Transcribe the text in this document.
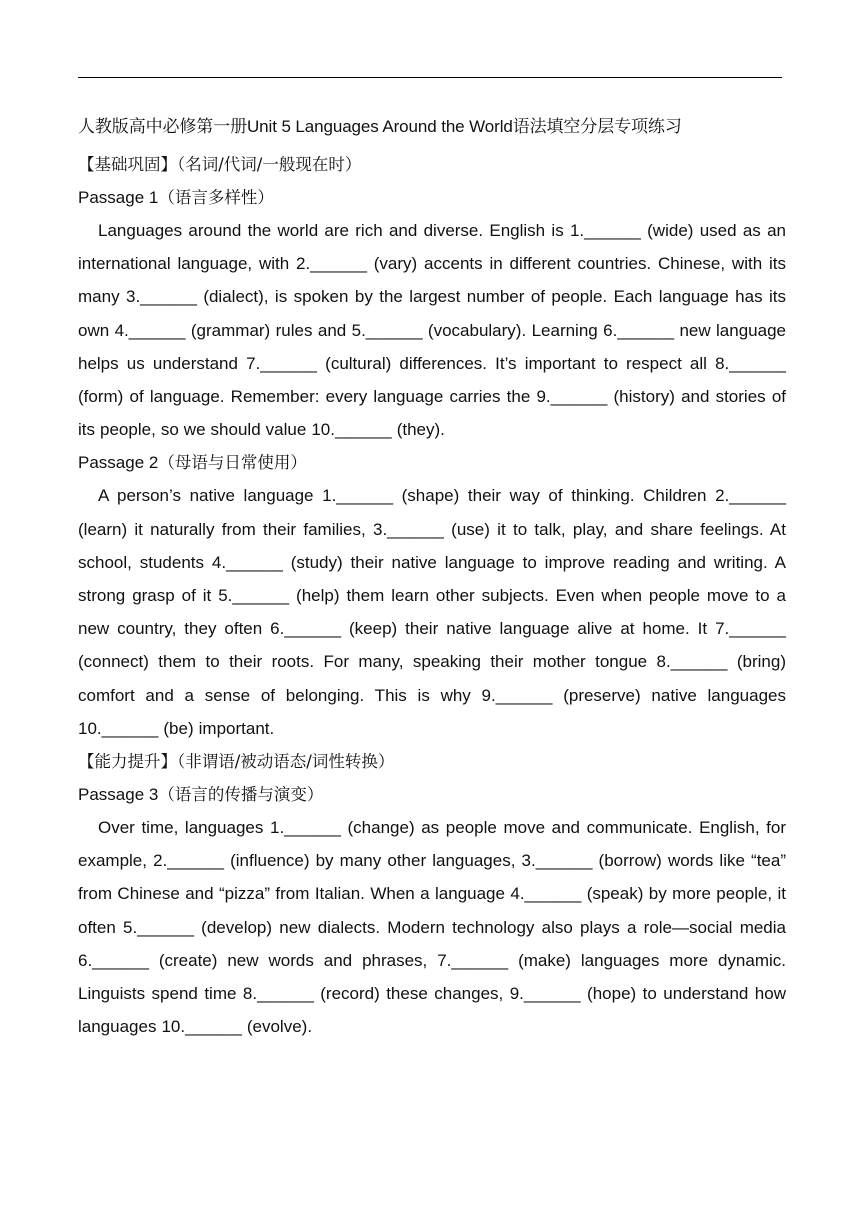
人教版高中必修第一册Unit 5 Languages Around the World语法填空分层专项练习

【基础巩固】（名词/代词/一般现在时）

Passage 1（语言多样性）

Languages around the world are rich and diverse. English is 1.______ (wide) used as an international language, with 2.______ (vary) accents in different countries. Chinese, with its many 3.______ (dialect), is spoken by the largest number of people. Each language has its own 4.______ (grammar) rules and 5.______ (vocabulary). Learning 6.______ new language helps us understand 7.______ (cultural) differences. It’s important to respect all 8.______ (form) of language. Remember: every language carries the 9.______ (history) and stories of its people, so we should value 10.______ (they).

Passage 2（母语与日常使用）

A person’s native language 1.______ (shape) their way of thinking. Children 2.______ (learn) it naturally from their families, 3.______ (use) it to talk, play, and share feelings. At school, students 4.______ (study) their native language to improve reading and writing. A strong grasp of it 5.______ (help) them learn other subjects. Even when people move to a new country, they often 6.______ (keep) their native language alive at home. It 7.______ (connect) them to their roots. For many, speaking their mother tongue 8.______ (bring) comfort and a sense of belonging. This is why 9.______ (preserve) native languages 10.______ (be) important.

【能力提升】（非谓语/被动语态/词性转换）

Passage 3（语言的传播与演变）

Over time, languages 1.______ (change) as people move and communicate. English, for example, 2.______ (influence) by many other languages, 3.______ (borrow) words like “tea” from Chinese and “pizza” from Italian. When a language 4.______ (speak) by more people, it often 5.______ (develop) new dialects. Modern technology also plays a role—social media 6.______ (create) new words and phrases, 7.______ (make) languages more dynamic. Linguists spend time 8.______ (record) these changes, 9.______ (hope) to understand how languages 10.______ (evolve).
